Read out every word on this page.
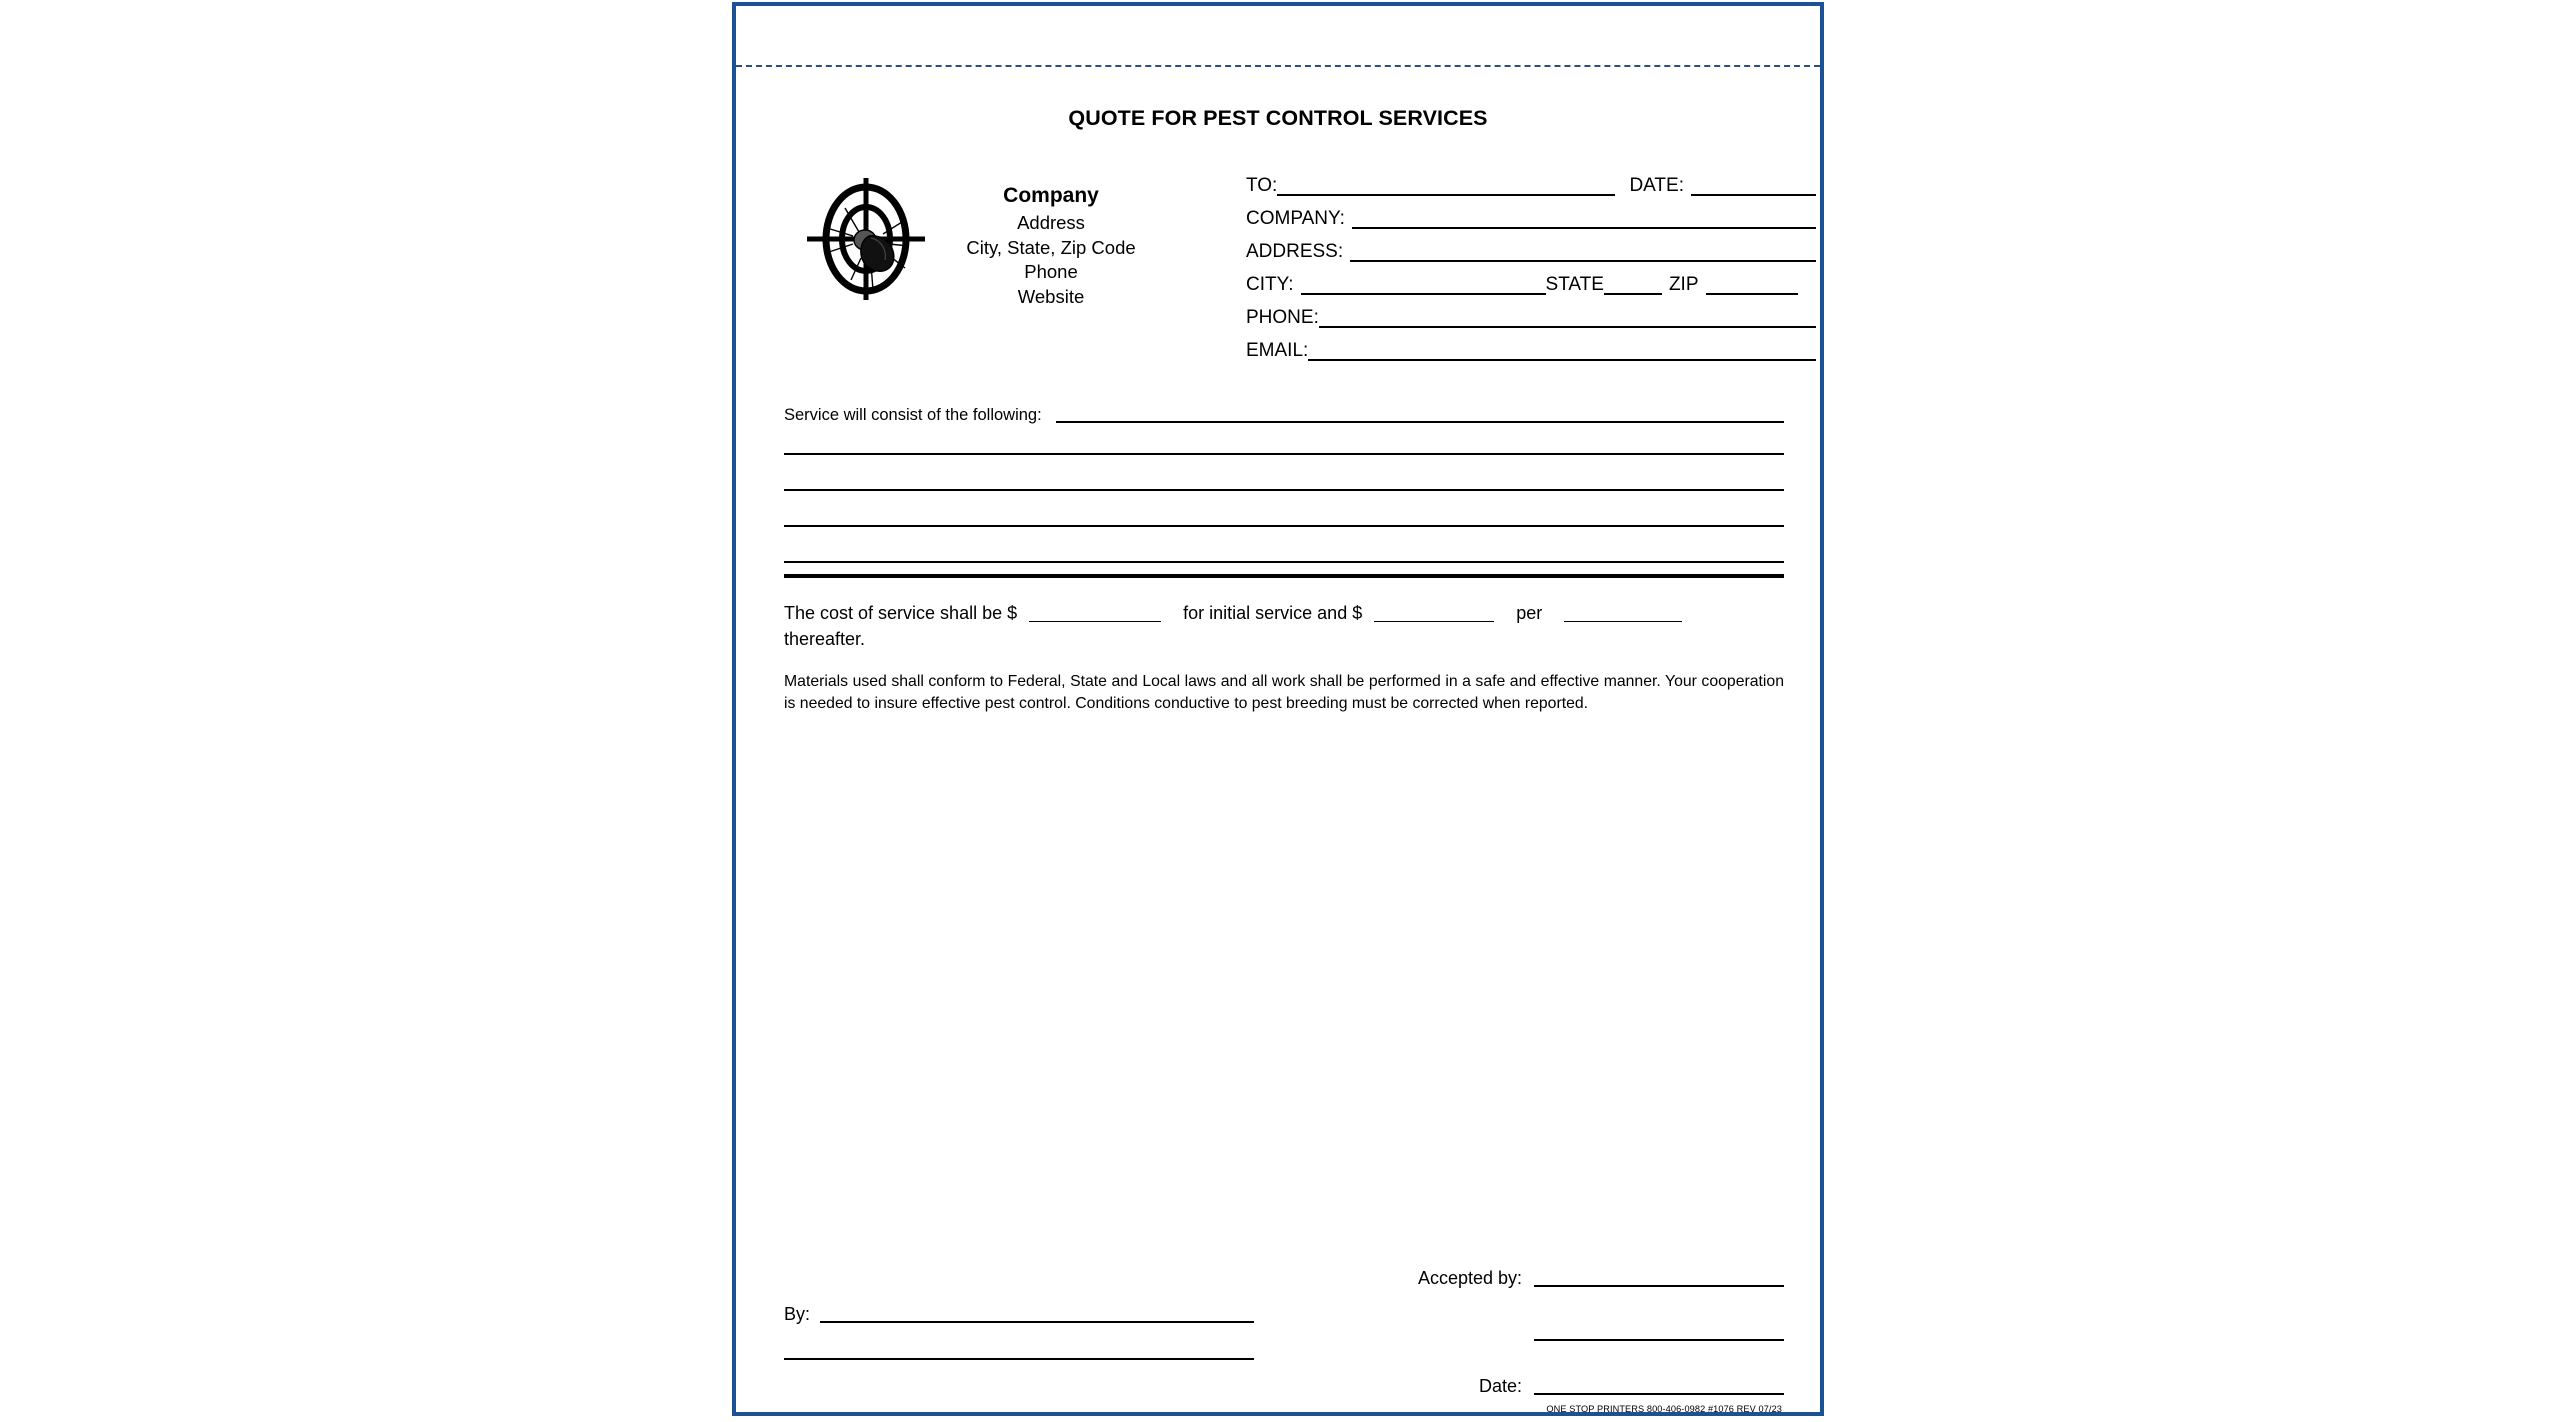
QUOTE FOR PEST CONTROL SERVICES
Company
Address
City, State, Zip Code
Phone
Website
TO:	DATE:
COMPANY:
ADDRESS:
CITY:	STATE	ZIP
PHONE:
EMAIL:
Service will consist of the following:
The cost of service shall be $	for initial service and $	per
thereafter.
Materials used shall conform to Federal, State and Local laws and all work shall be performed in a safe and effective manner. Your cooperation is needed to insure effective pest control. Conditions conductive to pest breeding must be corrected when reported.
By:
Accepted by:
Date:
ONE STOP PRINTERS 800-406-0982 #1076 REV 07/23
